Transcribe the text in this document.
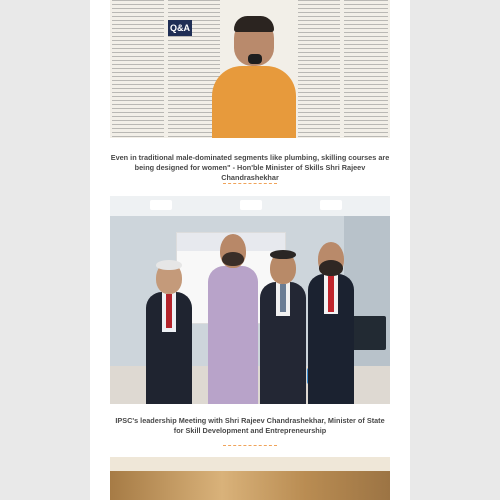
Q&A
Even in traditional male-dominated segments like plumbing, skilling courses are being designed for women" - Hon'ble Minister of Skills Shri Rajeev Chandrashekhar
IPSC's leadership Meeting with Shri Rajeev Chandrashekhar, Minister of State for Skill Development and Entrepreneurship
